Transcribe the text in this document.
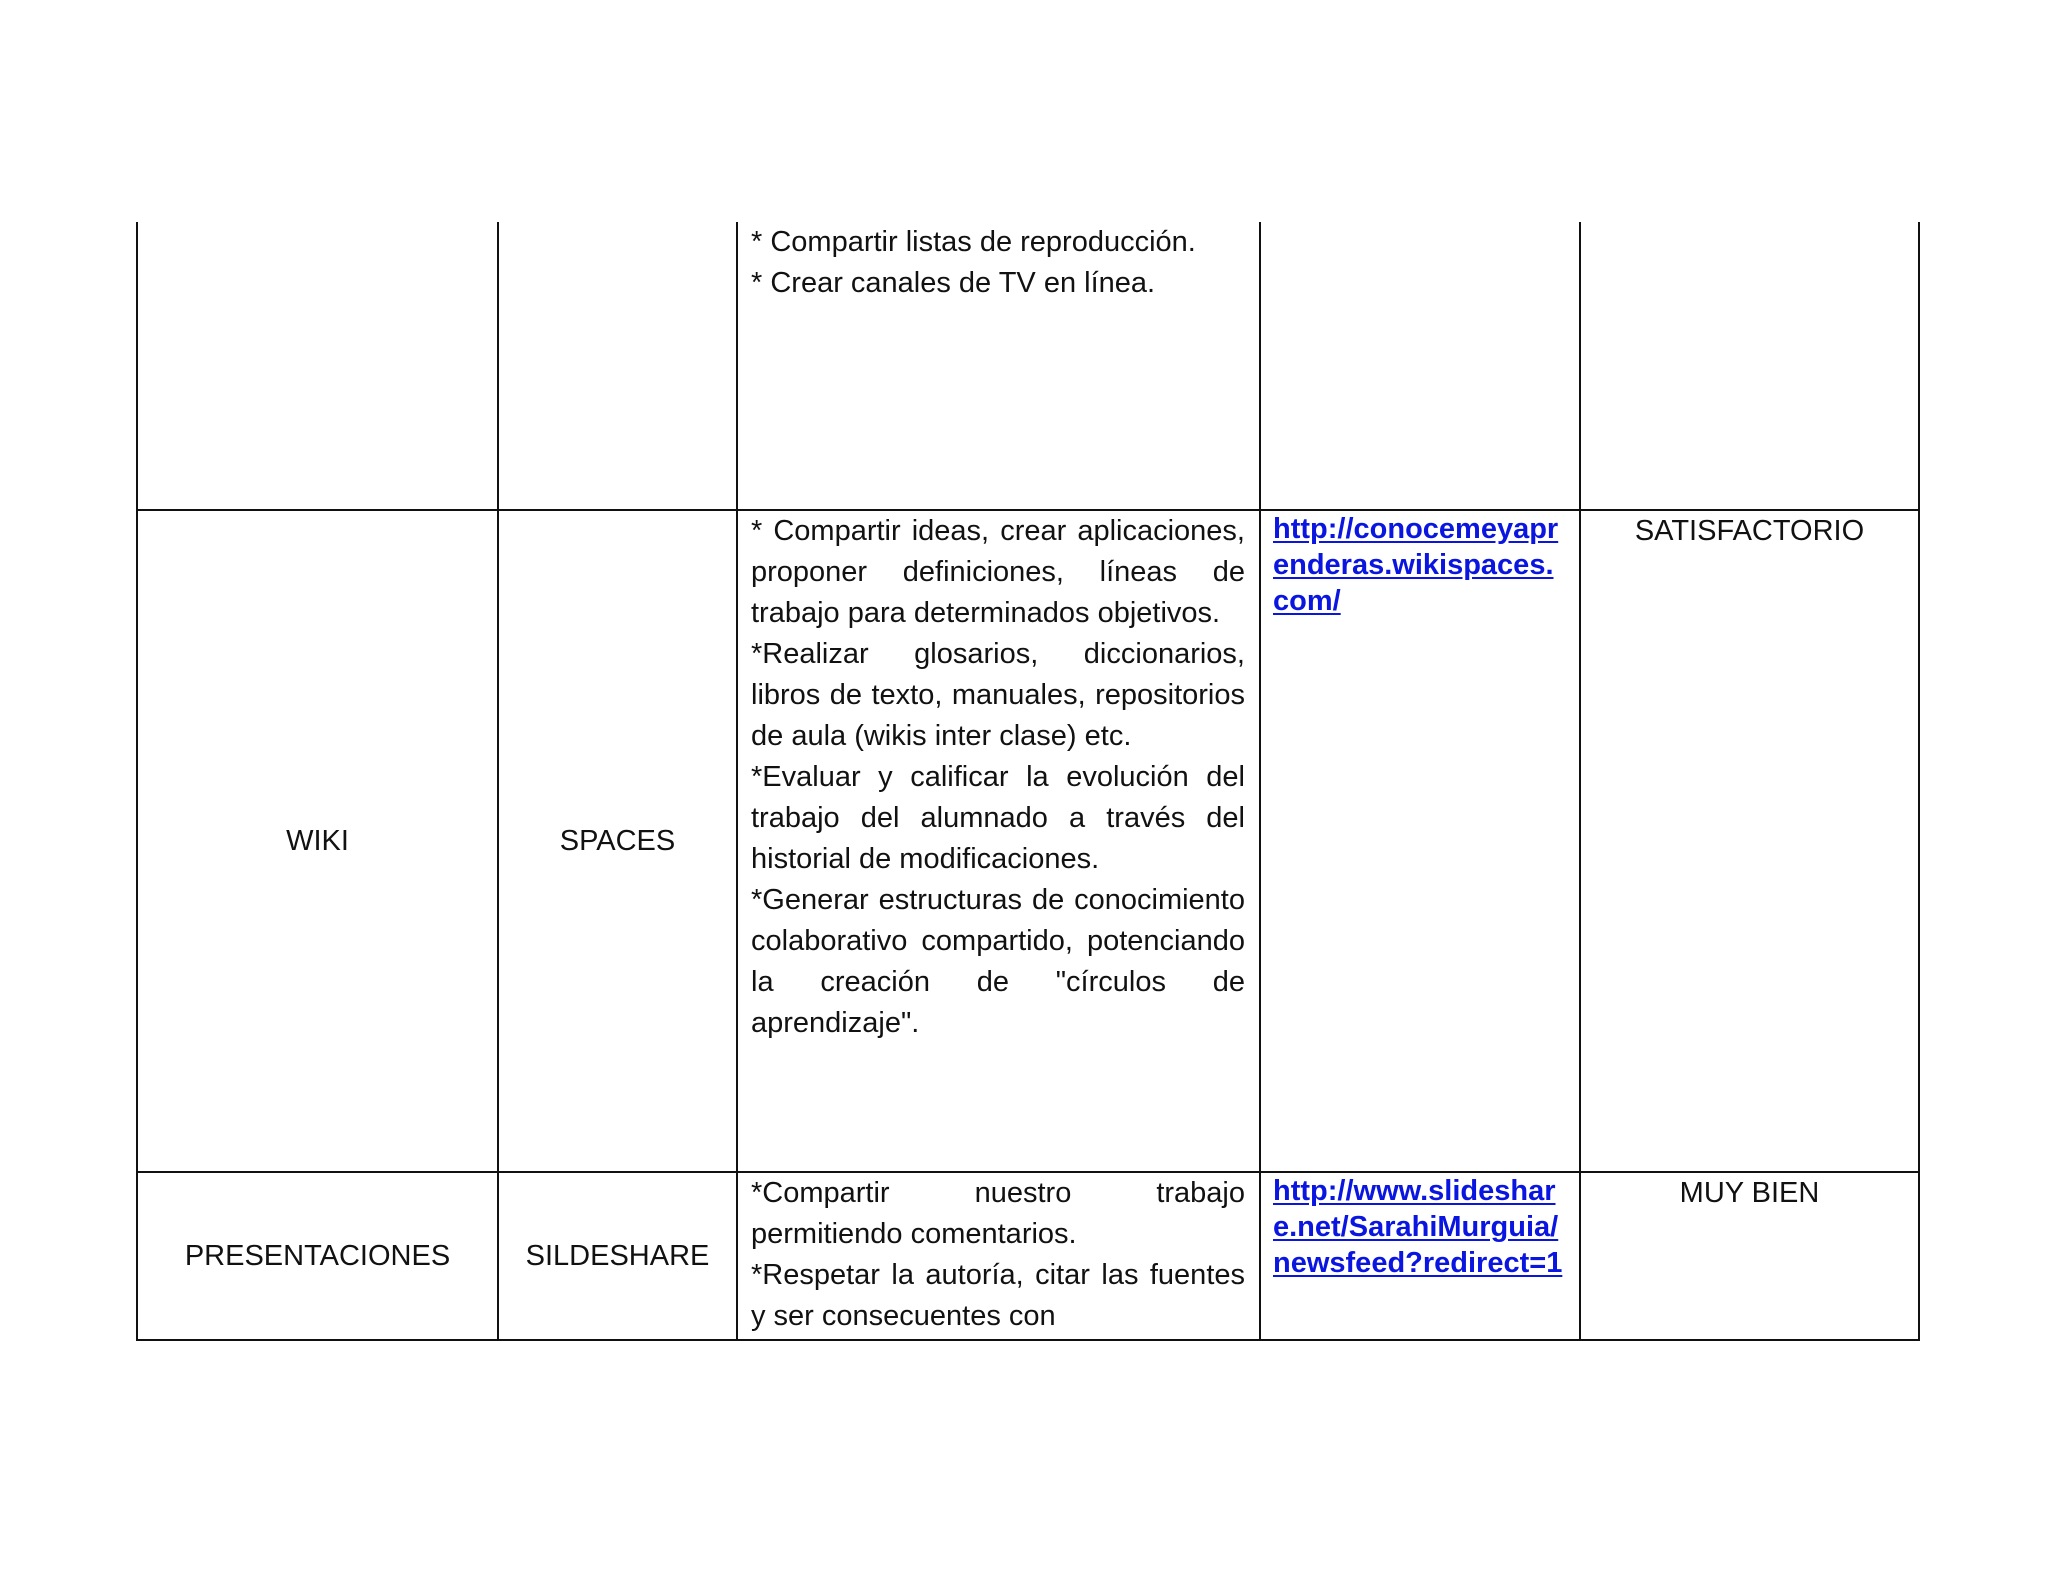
		* Compartir listas de reproducción.

* Crear canales de TV en línea.		

WIKI	SPACES	* Compartir ideas, crear aplicaciones, proponer definiciones, líneas de trabajo para determinados objetivos.

*Realizar glosarios, diccionarios, libros de texto, manuales, repositorios de aula (wikis inter clase) etc.

*Evaluar y calificar la evolución del trabajo del alumnado a través del historial de modificaciones.

*Generar estructuras de conocimiento colaborativo compartido, potenciando la creación de "círculos de aprendizaje".	http://conocemeyaprenderas.wikispaces.com/	SATISFACTORIO
PRESENTACIONES	SILDESHARE	*Compartir nuestro trabajo permitiendo comentarios.

*Respetar la autoría, citar las fuentes y ser consecuentes con	http://www.slideshare.net/SarahiMurguia/newsfeed?redirect=1	MUY BIEN
